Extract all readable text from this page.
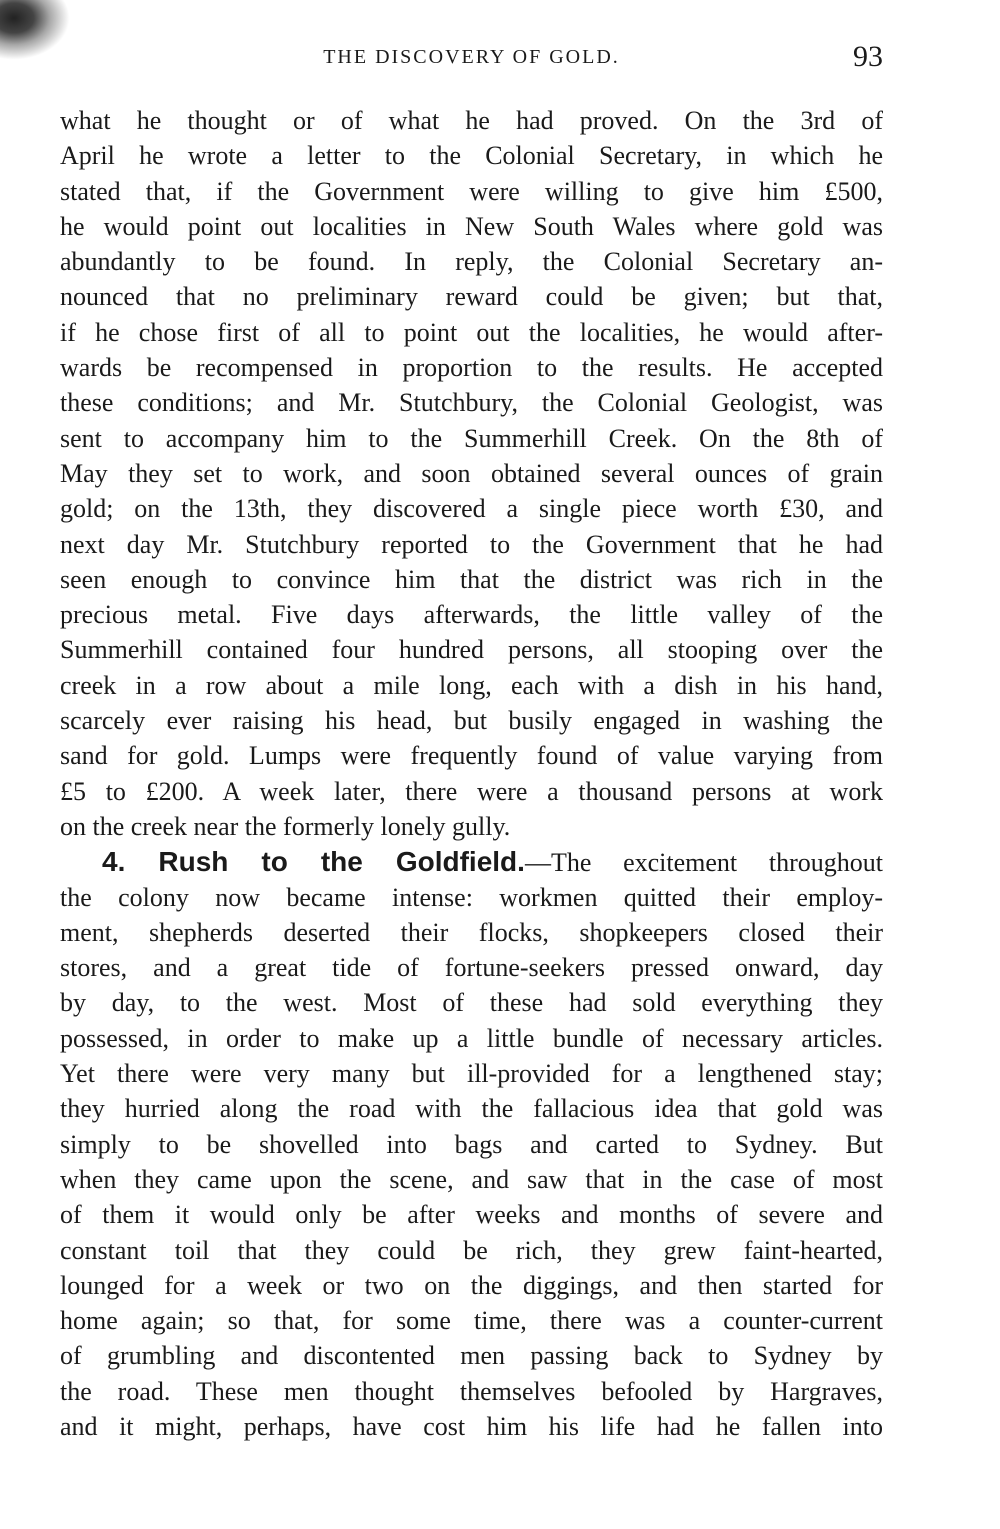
THE DISCOVERY OF GOLD.	93
what he thought or of what he had proved. On the 3rd of
April he wrote a letter to the Colonial Secretary, in which he
stated that, if the Government were willing to give him £500,
he would point out localities in New South Wales where gold was
abundantly to be found. In reply, the Colonial Secretary an-
nounced that no preliminary reward could be given; but that,
if he chose first of all to point out the localities, he would after-
wards be recompensed in proportion to the results. He accepted
these conditions; and Mr. Stutchbury, the Colonial Geologist, was
sent to accompany him to the Summerhill Creek. On the 8th of
May they set to work, and soon obtained several ounces of grain
gold; on the 13th, they discovered a single piece worth £30, and
next day Mr. Stutchbury reported to the Government that he had
seen enough to convince him that the district was rich in the
precious metal. Five days afterwards, the little valley of the
Summerhill contained four hundred persons, all stooping over the
creek in a row about a mile long, each with a dish in his hand,
scarcely ever raising his head, but busily engaged in washing the
sand for gold. Lumps were frequently found of value varying from
£5 to £200. A week later, there were a thousand persons at work
on the creek near the formerly lonely gully.
4. Rush to the Goldfield.—The excitement throughout
the colony now became intense: workmen quitted their employ-
ment, shepherds deserted their flocks, shopkeepers closed their
stores, and a great tide of fortune-seekers pressed onward, day
by day, to the west. Most of these had sold everything they
possessed, in order to make up a little bundle of necessary articles.
Yet there were very many but ill-provided for a lengthened stay;
they hurried along the road with the fallacious idea that gold was
simply to be shovelled into bags and carted to Sydney. But
when they came upon the scene, and saw that in the case of most
of them it would only be after weeks and months of severe and
constant toil that they could be rich, they grew faint-hearted,
lounged for a week or two on the diggings, and then started for
home again; so that, for some time, there was a counter-current
of grumbling and discontented men passing back to Sydney by
the road. These men thought themselves befooled by Hargraves,
and it might, perhaps, have cost him his life had he fallen into
